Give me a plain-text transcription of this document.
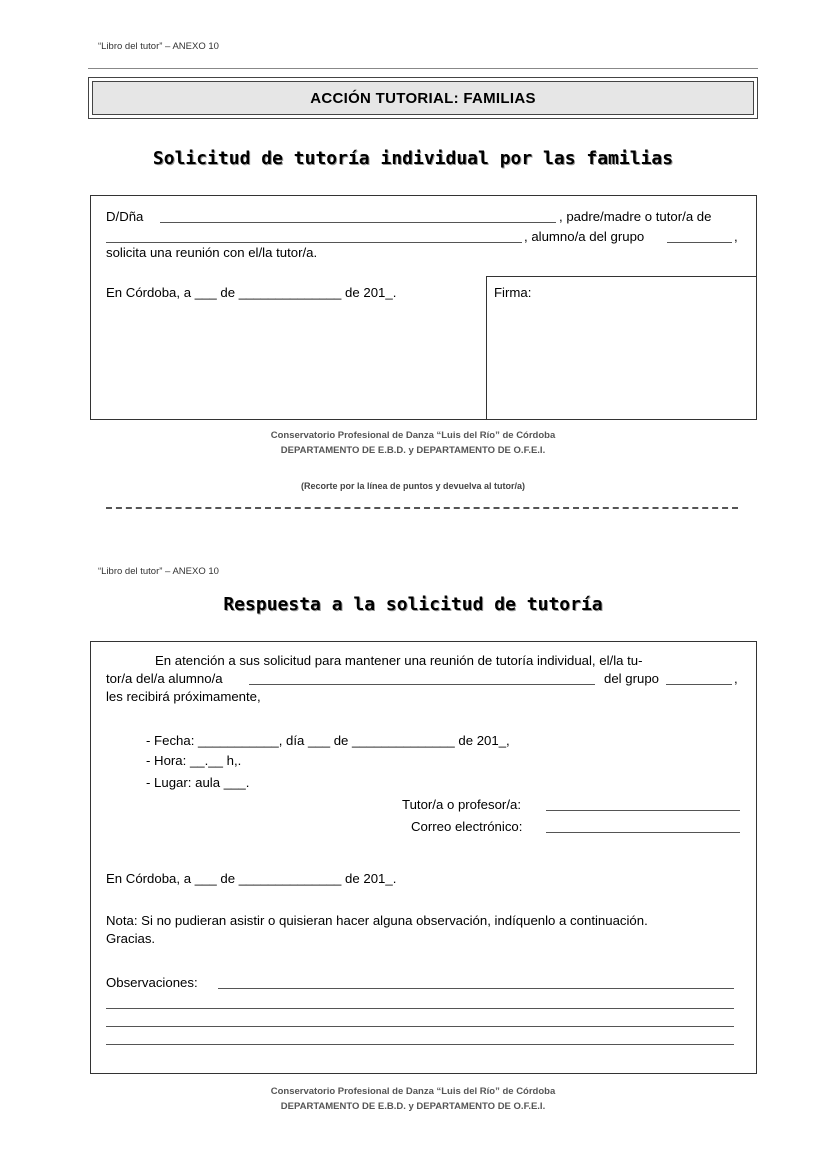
“Libro del tutor” – ANEXO 10
ACCIÓN TUTORIAL: FAMILIAS
Solicitud de tutoría individual por las familias
D/Dña	, padre/madre o tutor/a de
, alumno/a del grupo	,
solicita una reunión con el/la tutor/a.
En Córdoba, a ___ de ______________ de 201_.	Firma:
Conservatorio Profesional de Danza “Luis del Río” de Córdoba
DEPARTAMENTO DE E.B.D. y DEPARTAMENTO DE O.F.E.I.
(Recorte por la línea de puntos y devuelva al tutor/a)
“Libro del tutor” – ANEXO 10
Respuesta a la solicitud de tutoría
En atención a sus solicitud para mantener una reunión de tutoría individual, el/la tu-
tor/a del/a alumno/a	del grupo	,
les recibirá próximamente,
- Fecha: ___________, día ___ de ______________ de 201_,
- Hora: __.__ h,.
- Lugar: aula ___.
Tutor/a o profesor/a:
Correo electrónico:
En Córdoba, a ___ de ______________ de 201_.
Nota: Si no pudieran asistir o quisieran hacer alguna observación, indíquenlo a continuación.
Gracias.
Observaciones:
Conservatorio Profesional de Danza “Luis del Río” de Córdoba
DEPARTAMENTO DE E.B.D. y DEPARTAMENTO DE O.F.E.I.
